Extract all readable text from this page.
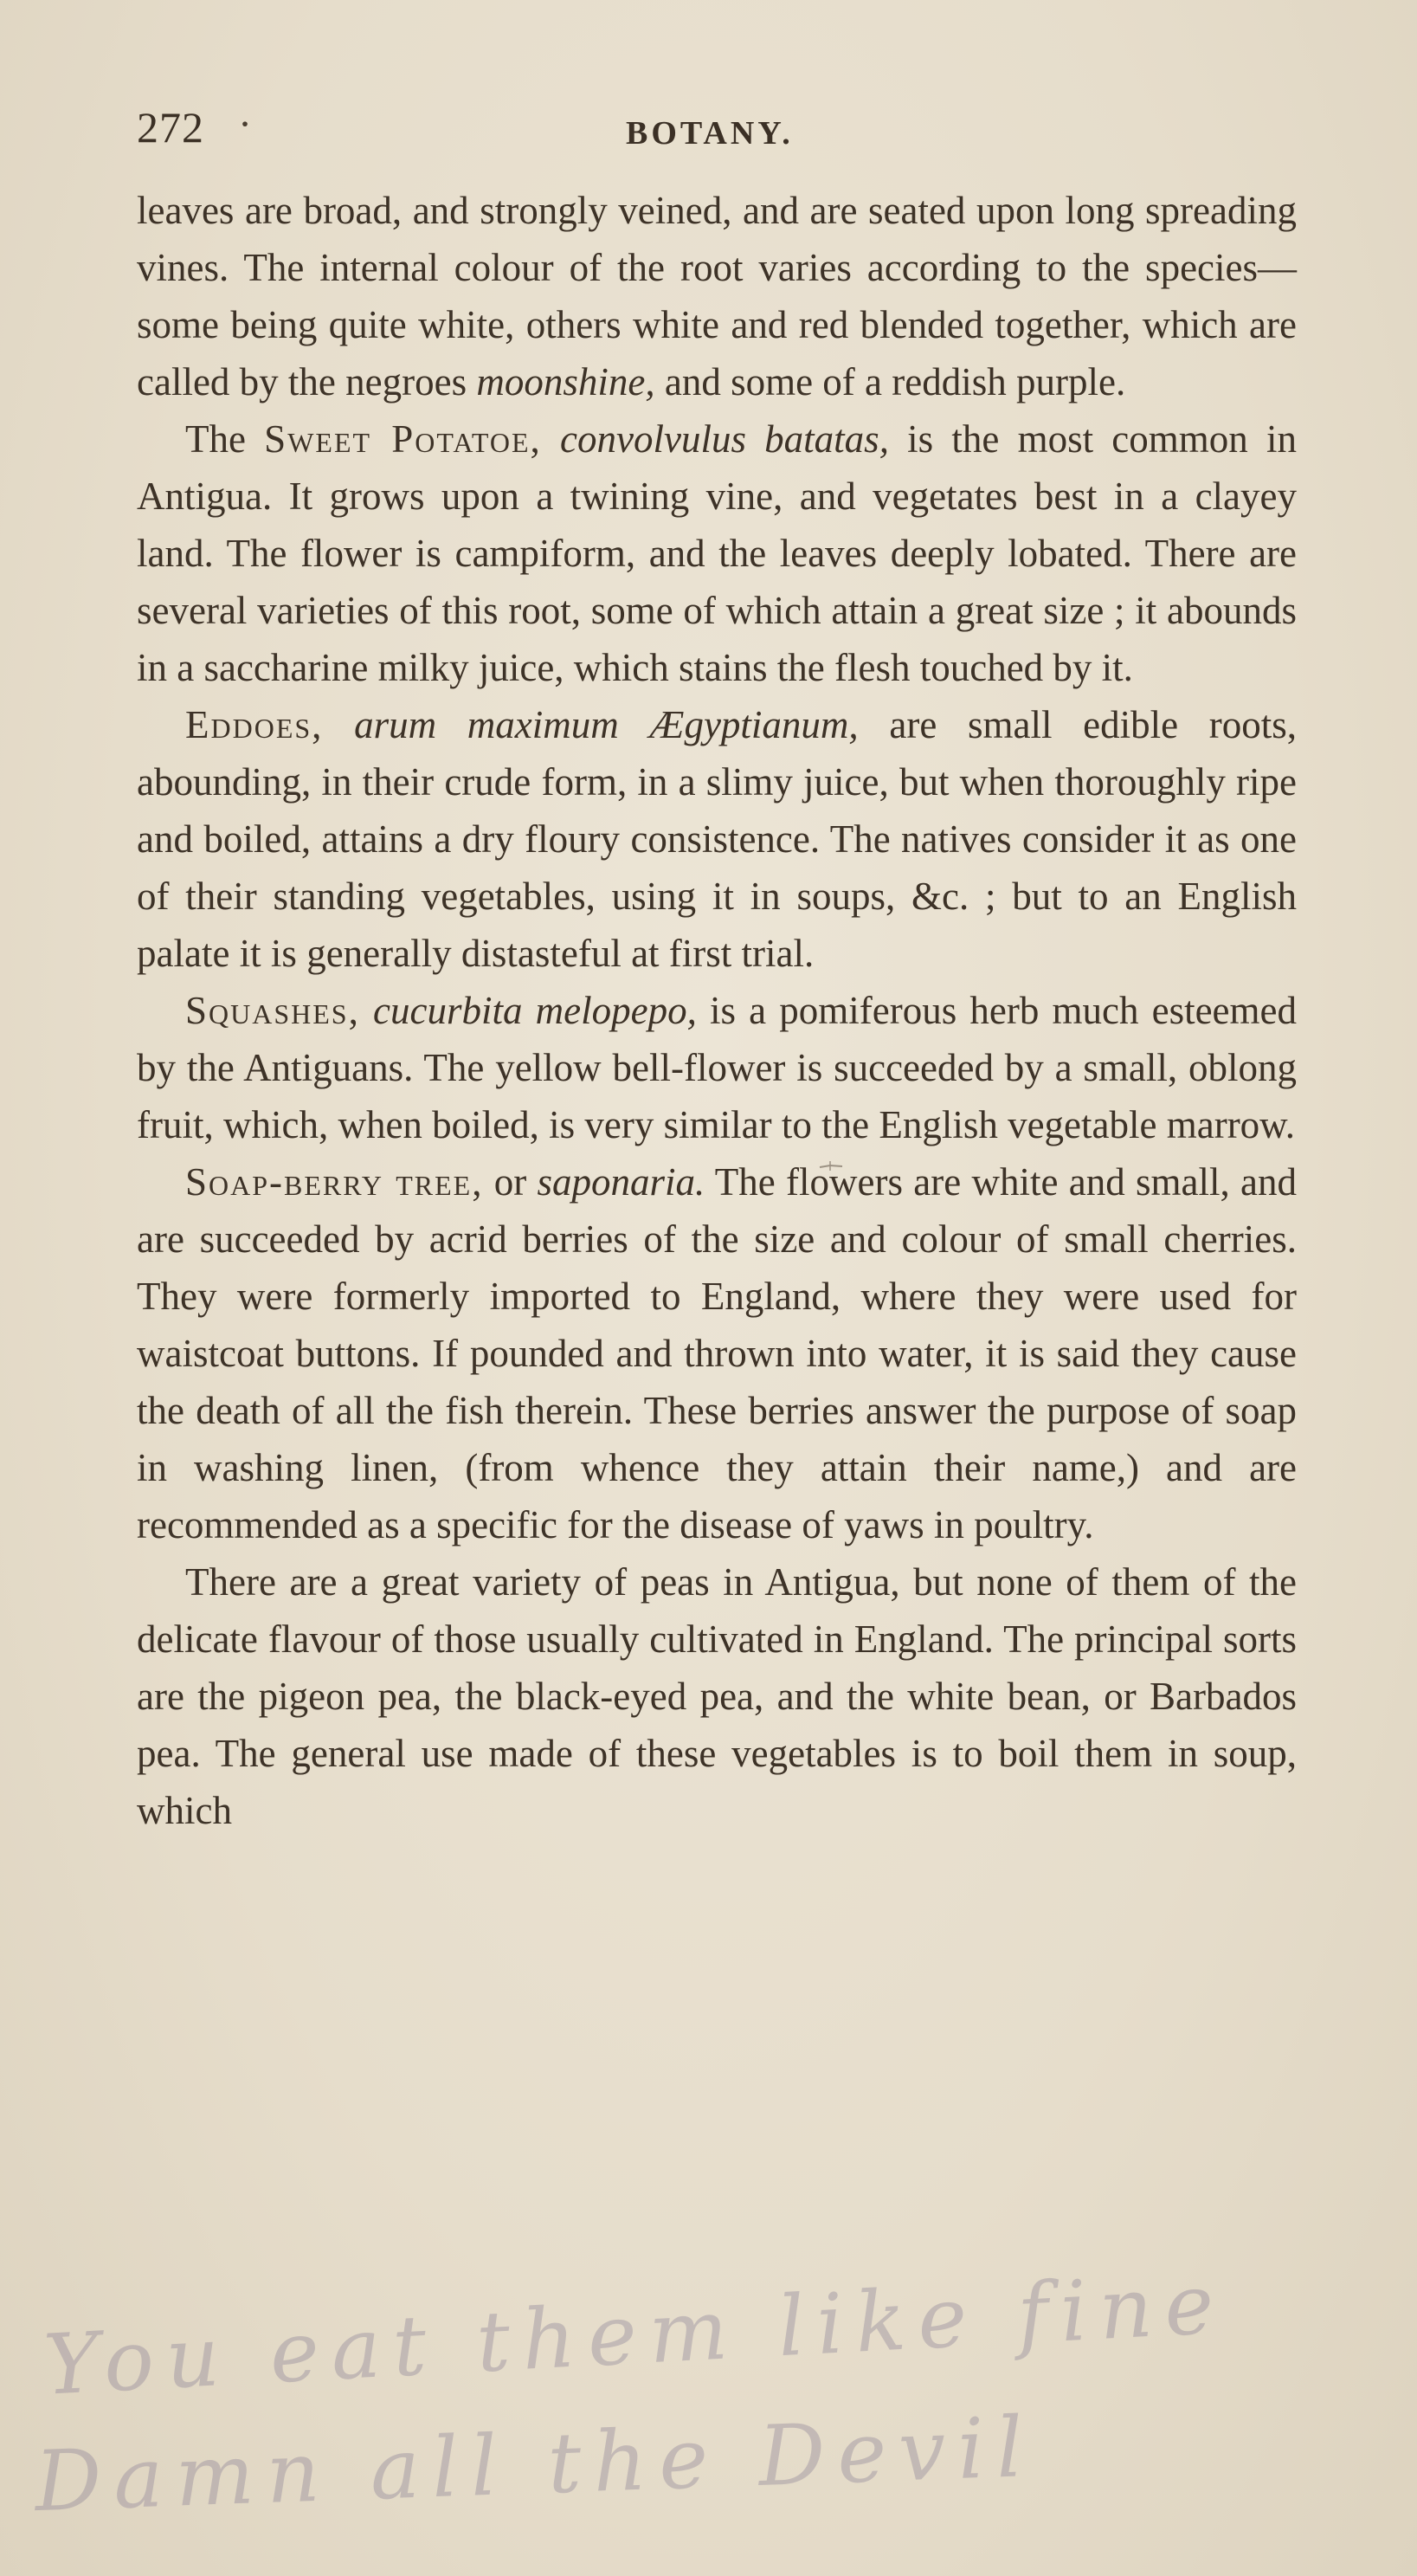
272 ·	BOTANY.

leaves are broad, and strongly veined, and are seated upon long spreading vines. The internal colour of the root varies according to the species—some being quite white, others white and red blended together, which are called by the negroes moonshine, and some of a reddish purple.

The Sweet Potatoe, convolvulus batatas, is the most common in Antigua. It grows upon a twining vine, and vegetates best in a clayey land. The flower is campiform, and the leaves deeply lobated. There are several varieties of this root, some of which attain a great size ; it abounds in a saccharine milky juice, which stains the flesh touched by it.

Eddoes, arum maximum Ægyptianum, are small edible roots, abounding, in their crude form, in a slimy juice, but when thoroughly ripe and boiled, attains a dry floury consistence. The natives consider it as one of their standing vegetables, using it in soups, &c. ; but to an English palate it is generally distasteful at first trial.

Squashes, cucurbita melopepo, is a pomiferous herb much esteemed by the Antiguans. The yellow bell-flower is succeeded by a small, oblong fruit, which, when boiled, is very similar to the English vegetable marrow.

Soap-berry tree, or saponaria. The flowers are white and small, and are succeeded by acrid berries of the size and colour of small cherries. They were formerly imported to England, where they were used for waistcoat buttons. If pounded and thrown into water, it is said they cause the death of all the fish therein. These berries answer the purpose of soap in washing linen, (from whence they attain their name,) and are recommended as a specific for the disease of yaws in poultry.

There are a great variety of peas in Antigua, but none of them of the delicate flavour of those usually cultivated in England. The principal sorts are the pigeon pea, the black-eyed pea, and the white bean, or Barbados pea. The general use made of these vegetables is to boil them in soup, which

You eat them like fine
Damn all the Devil
